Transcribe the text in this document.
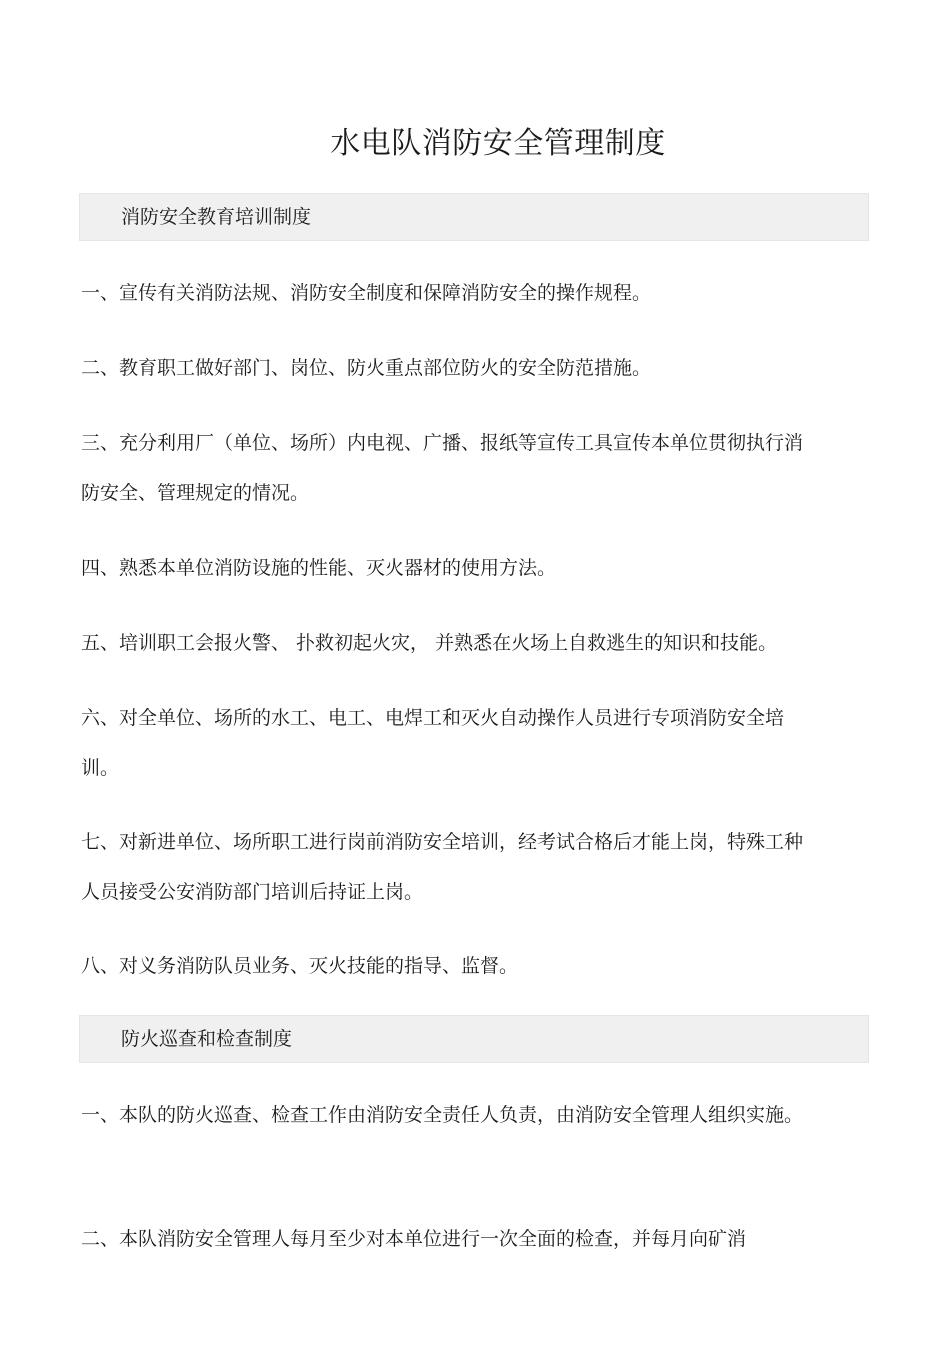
水电队消防安全管理制度
消防安全教育培训制度

一、宣传有关消防法规、消防安全制度和保障消防安全的操作规程。

二、教育职工做好部门、岗位、防火重点部位防火的安全防范措施。

三、充分利用厂（单位、场所）内电视、广播、报纸等宣传工具宣传本单位贯彻执行消防安全、管理规定的情况。

四、熟悉本单位消防设施的性能、灭火器材的使用方法。

五、培训职工会报火警、 扑救初起火灾， 并熟悉在火场上自救逃生的知识和技能。

六、对全单位、场所的水工、电工、电焊工和灭火自动操作人员进行专项消防安全培训。

七、对新进单位、场所职工进行岗前消防安全培训，经考试合格后才能上岗，特殊工种人员接受公安消防部门培训后持证上岗。

八、对义务消防队员业务、灭火技能的指导、监督。

防火巡查和检查制度

一、本队的防火巡查、检查工作由消防安全责任人负责，由消防安全管理人组织实施。

二、本队消防安全管理人每月至少对本单位进行一次全面的检查，并每月向矿消
